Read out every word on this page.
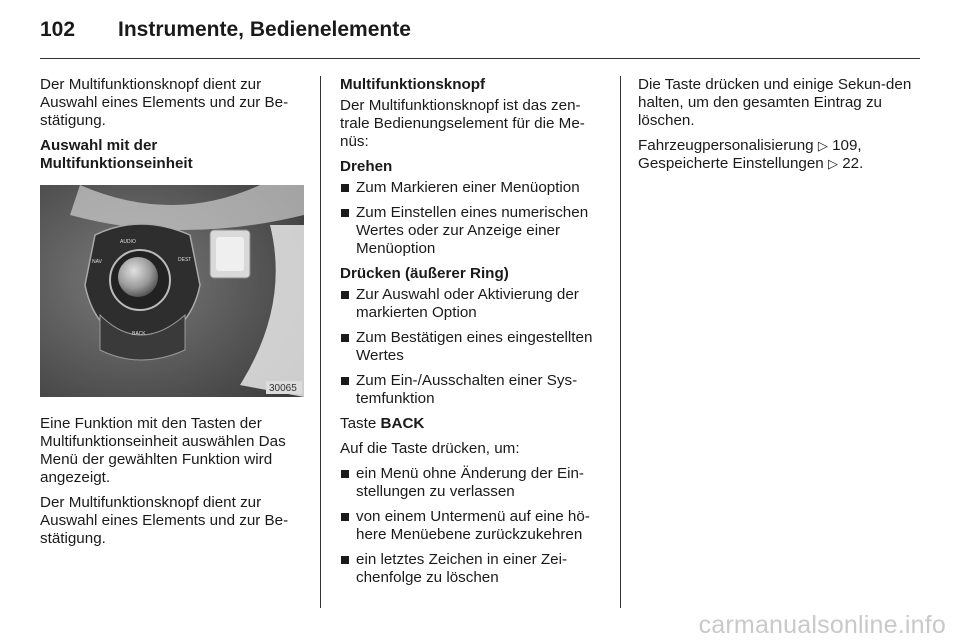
102 Instrumente, Bedienelemente

Der Multifunktionsknopf dient zur Auswahl eines Elements und zur Be-stätigung.

Auswahl mit der Multifunktionseinheit

AUDIO
NAV	DEST
BACK
30065

Eine Funktion mit den Tasten der Multifunktionseinheit auswählen Das Menü der gewählten Funktion wird angezeigt.

Der Multifunktionsknopf dient zur Auswahl eines Elements und zur Be-stätigung.

Multifunktionsknopf

Der Multifunktionsknopf ist das zen-trale Bedienungselement für die Me-nüs:

Drehen

Zum Markieren einer Menüoption
Zum Einstellen eines numerischen Wertes oder zur Anzeige einer Menüoption

Drücken (äußerer Ring)

Zur Auswahl oder Aktivierung der markierten Option
Zum Bestätigen eines eingestellten Wertes
Zum Ein-/Ausschalten einer Sys-temfunktion

Taste BACK

Auf die Taste drücken, um:

ein Menü ohne Änderung der Ein-stellungen zu verlassen
von einem Untermenü auf eine hö-here Menüebene zurückzukehren
ein letztes Zeichen in einer Zei-chenfolge zu löschen

Die Taste drücken und einige Sekun-den halten, um den gesamten Eintrag zu löschen.

Fahrzeugpersonalisierung ▷ 109,
Gespeicherte Einstellungen ▷ 22.

carmanualsonline.info
